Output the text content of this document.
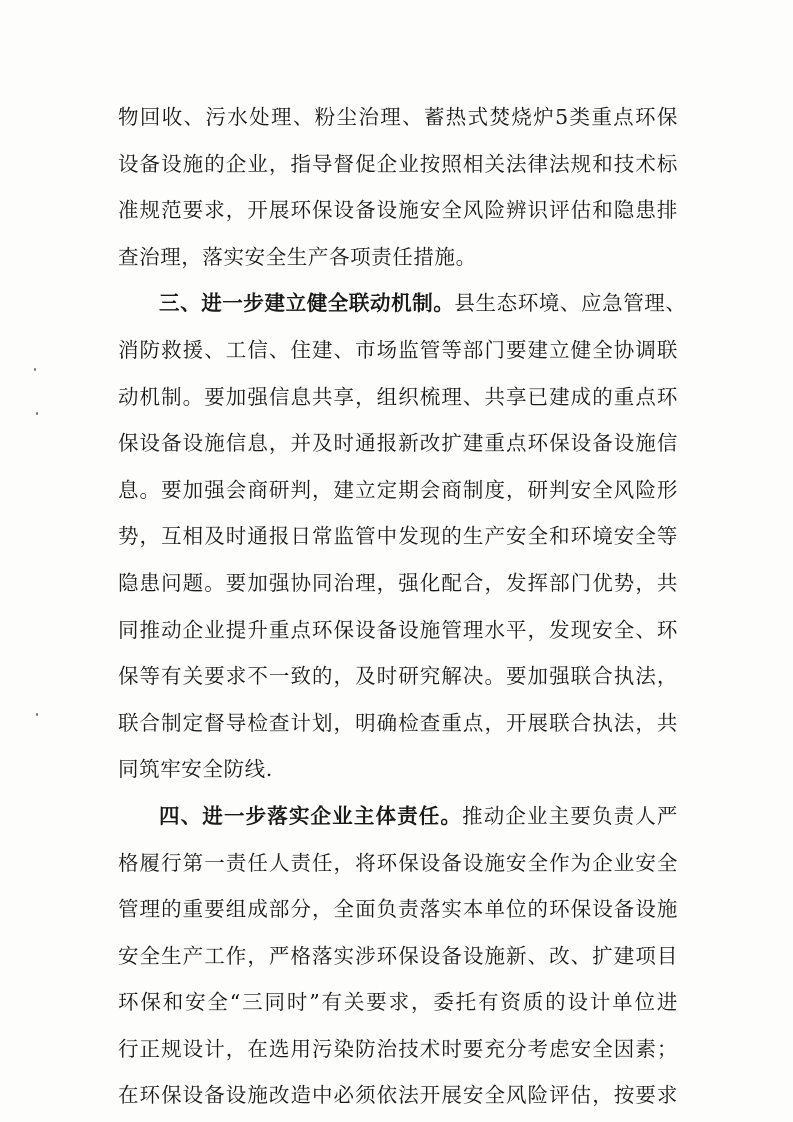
物回收、污水处理、粉尘治理、蓄热式焚烧炉5类重点环保
设备设施的企业，指导督促企业按照相关法律法规和技术标
准规范要求，开展环保设备设施安全风险辨识评估和隐患排
查治理，落实安全生产各项责任措施。
三、进一步建立健全联动机制。县生态环境、应急管理、
消防救援、工信、住建、市场监管等部门要建立健全协调联
动机制。要加强信息共享，组织梳理、共享已建成的重点环
保设备设施信息，并及时通报新改扩建重点环保设备设施信
息。要加强会商研判，建立定期会商制度，研判安全风险形
势，互相及时通报日常监管中发现的生产安全和环境安全等
隐患问题。要加强协同治理，强化配合，发挥部门优势，共
同推动企业提升重点环保设备设施管理水平，发现安全、环
保等有关要求不一致的，及时研究解决。要加强联合执法，
联合制定督导检查计划，明确检查重点，开展联合执法，共
同筑牢安全防线.
四、进一步落实企业主体责任。推动企业主要负责人严
格履行第一责任人责任，将环保设备设施安全作为企业安全
管理的重要组成部分，全面负责落实本单位的环保设备设施
安全生产工作，严格落实涉环保设备设施新、改、扩建项目
环保和安全“三同时”有关要求，委托有资质的设计单位进
行正规设计，在选用污染防治技术时要充分考虑安全因素；
在环保设备设施改造中必须依法开展安全风险评估，按要求
